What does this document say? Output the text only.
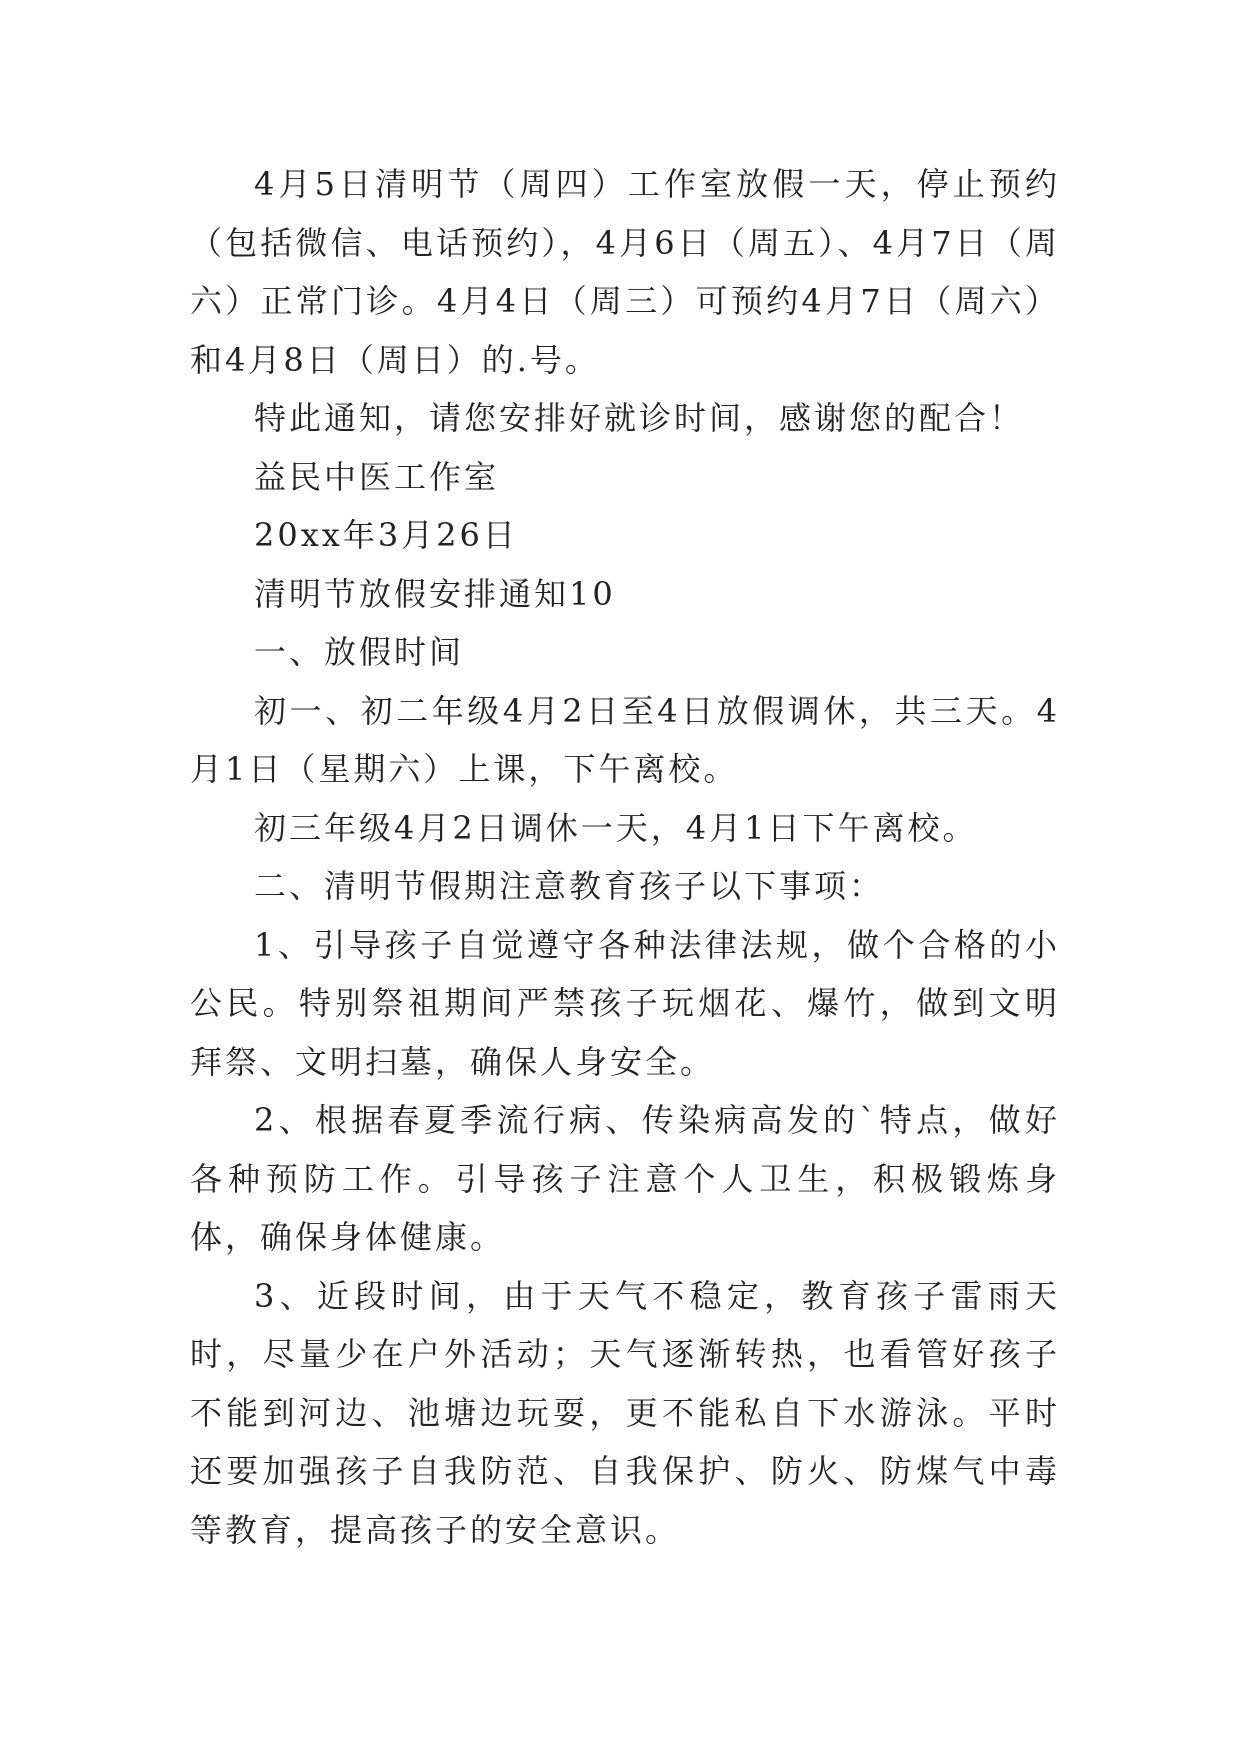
4月5日清明节（周四）工作室放假一天，停止预约（包括微信、电话预约），4月6日（周五）、4月7日（周六）正常门诊。4月4日（周三）可预约4月7日（周六）和4月8日（周日）的.号。

特此通知，请您安排好就诊时间，感谢您的配合！

益民中医工作室

20xx年3月26日

清明节放假安排通知10

一、放假时间

初一、初二年级4月2日至4日放假调休，共三天。4月1日（星期六）上课，下午离校。

初三年级4月2日调休一天，4月1日下午离校。

二、清明节假期注意教育孩子以下事项：

1、引导孩子自觉遵守各种法律法规，做个合格的小公民。特别祭祖期间严禁孩子玩烟花、爆竹，做到文明拜祭、文明扫墓，确保人身安全。

2、根据春夏季流行病、传染病高发的`特点，做好各种预防工作。引导孩子注意个人卫生，积极锻炼身体，确保身体健康。

3、近段时间，由于天气不稳定，教育孩子雷雨天时，尽量少在户外活动；天气逐渐转热，也看管好孩子不能到河边、池塘边玩耍，更不能私自下水游泳。平时还要加强孩子自我防范、自我保护、防火、防煤气中毒等教育，提高孩子的安全意识。
